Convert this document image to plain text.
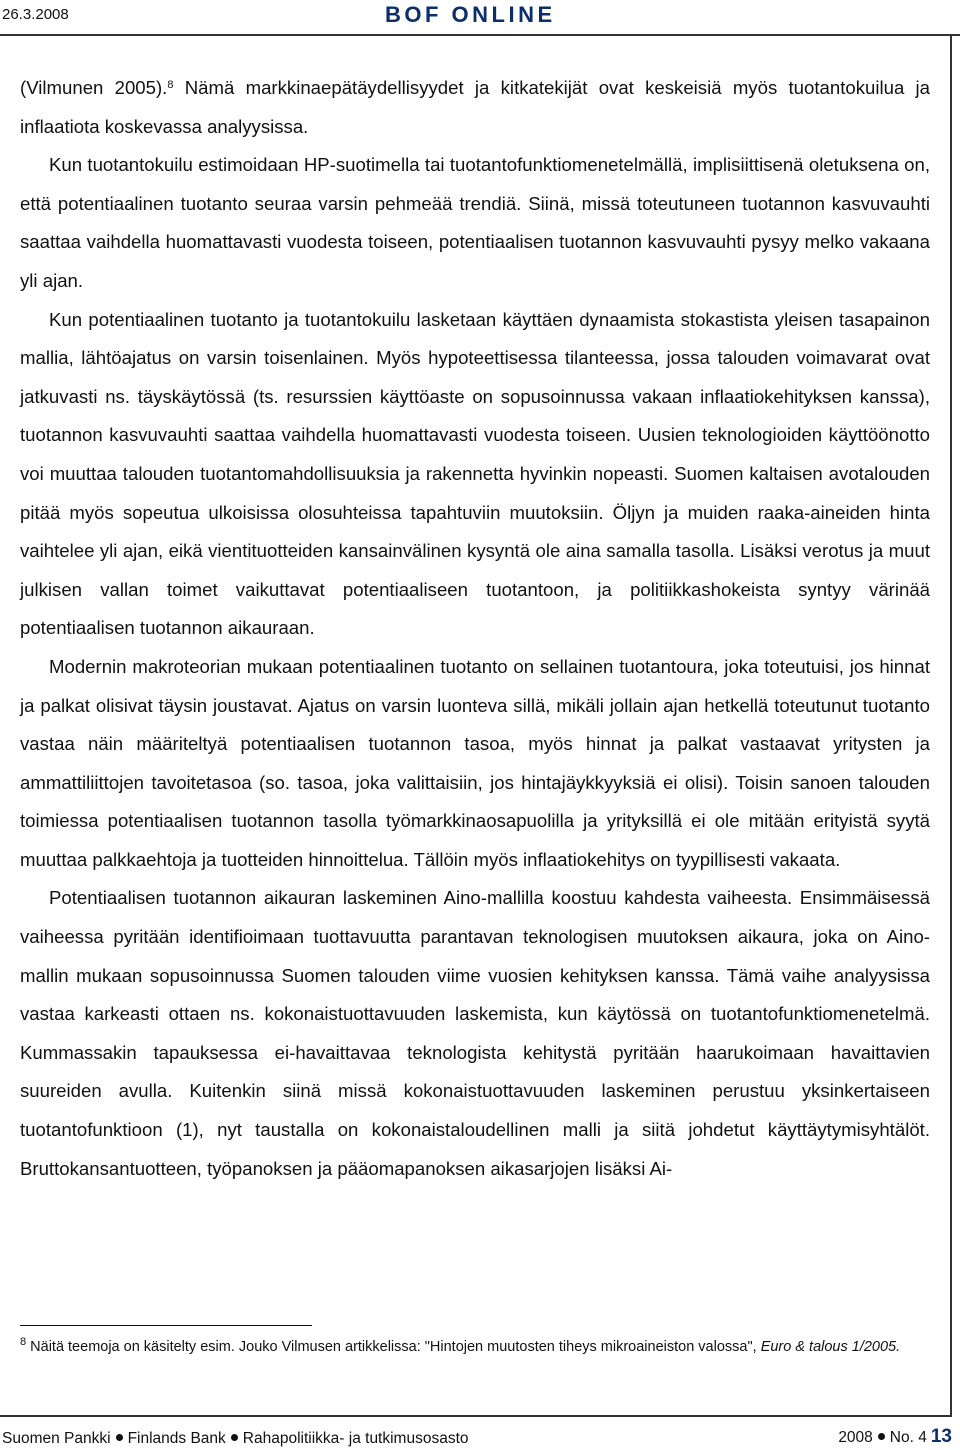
26.3.2008	BOF ONLINE

(Vilmunen 2005).$^8$ Nämä markkinaepätäydellisyydet ja kitkatekijät ovat keskeisiä myös tuotantokuilua ja inflaatiota koskevassa analyysissa.

Kun tuotantokuilu estimoidaan HP-suotimella tai tuotantofunktiomenetelmällä, implisiittisenä oletuksena on, että potentiaalinen tuotanto seuraa varsin pehmeää trendiä. Siinä, missä toteutuneen tuotannon kasvuvauhti saattaa vaihdella huomattavasti vuodesta toiseen, potentiaalisen tuotannon kasvuvauhti pysyy melko vakaana yli ajan.

Kun potentiaalinen tuotanto ja tuotantokuilu lasketaan käyttäen dynaamista stokastista yleisen tasapainon mallia, lähtöajatus on varsin toisenlainen. Myös hypoteettisessa tilanteessa, jossa talouden voimavarat ovat jatkuvasti ns. täyskäytössä (ts. resurssien käyttöaste on sopusoinnussa vakaan inflaatiokehityksen kanssa), tuotannon kasvuvauhti saattaa vaihdella huomattavasti vuodesta toiseen. Uusien teknologioiden käyttöönotto voi muuttaa talouden tuotantomahdollisuuksia ja rakennetta hyvinkin nopeasti. Suomen kaltaisen avotalouden pitää myös sopeutua ulkoisissa olosuhteissa tapahtuviin muutoksiin. Öljyn ja muiden raaka-aineiden hinta vaihtelee yli ajan, eikä vientituotteiden kansainvälinen kysyntä ole aina samalla tasolla. Lisäksi verotus ja muut julkisen vallan toimet vaikuttavat potentiaaliseen tuotantoon, ja politiikkashokeista syntyy värinää potentiaalisen tuotannon aikauraan.

Modernin makroteorian mukaan potentiaalinen tuotanto on sellainen tuotantoura, joka toteutuisi, jos hinnat ja palkat olisivat täysin joustavat. Ajatus on varsin luonteva sillä, mikäli jollain ajan hetkellä toteutunut tuotanto vastaa näin määriteltyä potentiaalisen tuotannon tasoa, myös hinnat ja palkat vastaavat yritysten ja ammattiliittojen tavoitetasoa (so. tasoa, joka valittaisiin, jos hintajäykkyyksiä ei olisi). Toisin sanoen talouden toimiessa potentiaalisen tuotannon tasolla työmarkkinaosapuolilla ja yrityksillä ei ole mitään erityistä syytä muuttaa palkkaehtoja ja tuotteiden hinnoittelua. Tällöin myös inflaatiokehitys on tyypillisesti vakaata.

Potentiaalisen tuotannon aikauran laskeminen Aino-mallilla koostuu kahdesta vaiheesta. Ensimmäisessä vaiheessa pyritään identifioimaan tuottavuutta parantavan teknologisen muutoksen aikaura, joka on Aino-mallin mukaan sopusoinnussa Suomen talouden viime vuosien kehityksen kanssa. Tämä vaihe analyysissa vastaa karkeasti ottaen ns. kokonaistuottavuuden laskemista, kun käytössä on tuotantofunktiomenetelmä. Kummassakin tapauksessa ei-havaittavaa teknologista kehitystä pyritään haarukoimaan havaittavien suureiden avulla. Kuitenkin siinä missä kokonaistuottavuuden laskeminen perustuu yksinkertaiseen tuotantofunktioon (1), nyt taustalla on kokonaistaloudellinen malli ja siitä johdetut käyttäytymisyhtälöt. Bruttokansantuotteen, työpanoksen ja pääomapanoksen aikasarjojen lisäksi Ai-

$^8$ Näitä teemoja on käsitelty esim. Jouko Vilmusen artikkelissa: "Hintojen muutosten tiheys mikroaineiston valossa", Euro & talous 1/2005.
Suomen Pankki Finlands Bank Rahapolitiikka- ja tutkimusosasto	2008 No. 4 13
